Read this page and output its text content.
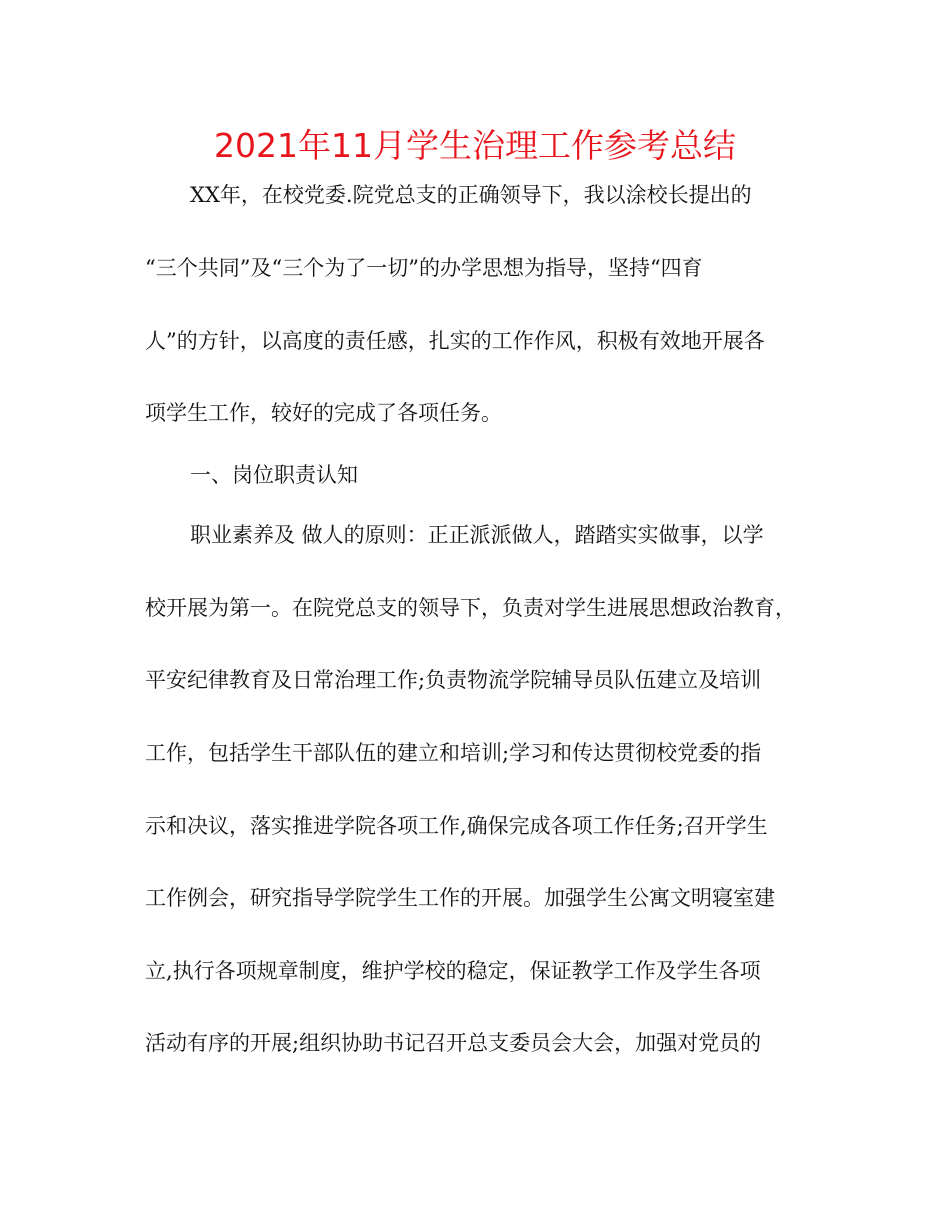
2021年11月学生治理工作参考总结

XX年，在校党委.院党总支的正确领导下，我以涂校长提出的

“三个共同”及“三个为了一切”的办学思想为指导，坚持“四育

人”的方针，以高度的责任感，扎实的工作作风，积极有效地开展各

项学生工作，较好的完成了各项任务。

一、岗位职责认知

职业素养及 做人的原则：正正派派做人，踏踏实实做事，以学

校开展为第一。在院党总支的领导下，负责对学生进展思想政治教育，

平安纪律教育及日常治理工作;负责物流学院辅导员队伍建立及培训

工作，包括学生干部队伍的建立和培训;学习和传达贯彻校党委的指

示和决议，落实推进学院各项工作,确保完成各项工作任务;召开学生

工作例会，研究指导学院学生工作的开展。加强学生公寓文明寝室建

立,执行各项规章制度，维护学校的稳定，保证教学工作及学生各项

活动有序的开展;组织协助书记召开总支委员会大会，加强对党员的
